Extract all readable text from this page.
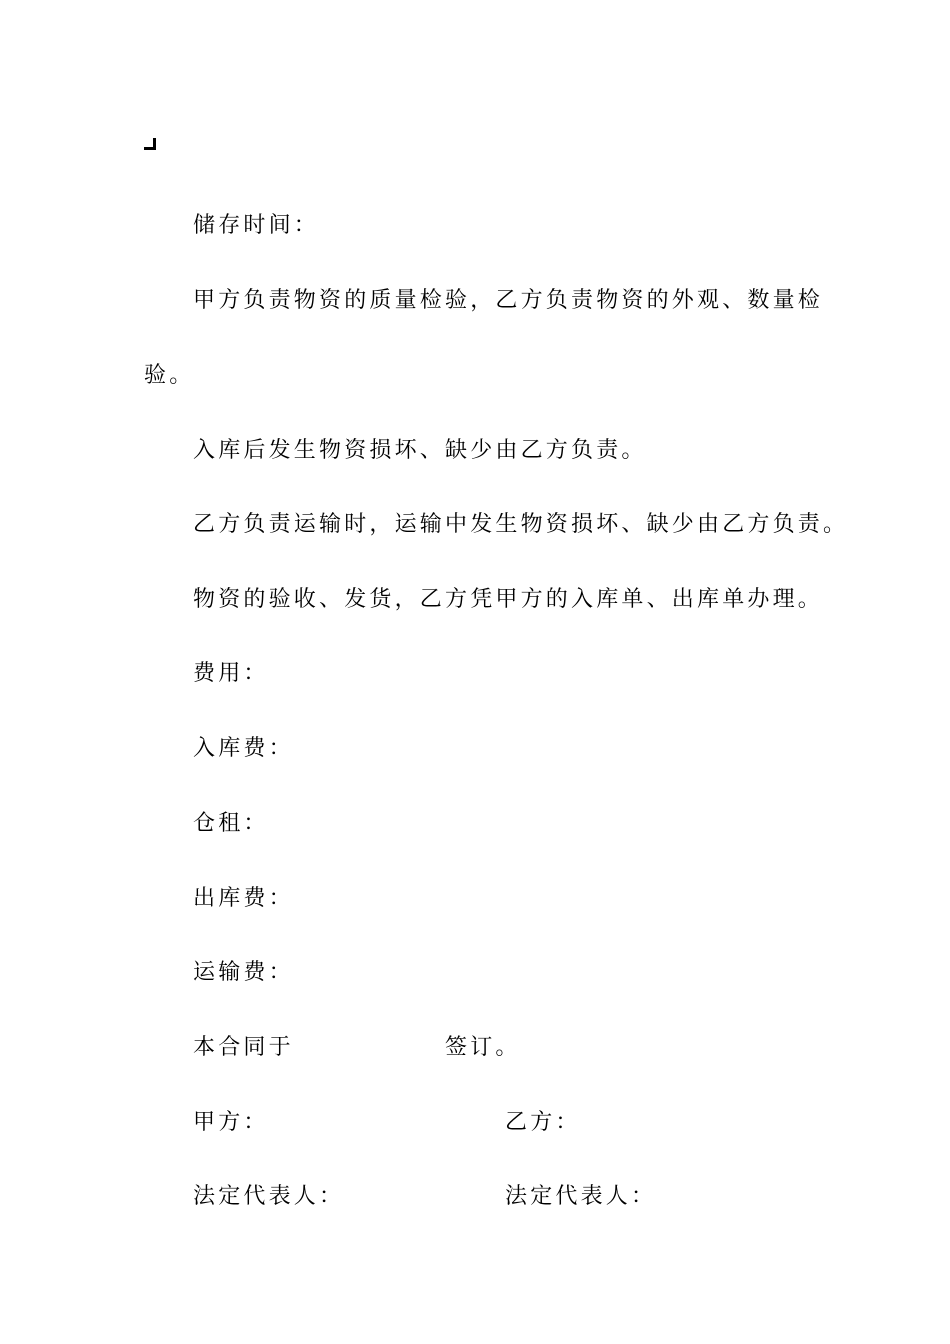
储存时间：
甲方负责物资的质量检验，乙方负责物资的外观、数量检
验。
入库后发生物资损坏、缺少由乙方负责。
乙方负责运输时，运输中发生物资损坏、缺少由乙方负责。
物资的验收、发货，乙方凭甲方的入库单、出库单办理。
费用：
入库费：
仓租：
出库费：
运输费：
本合同于	签订。
甲方：	乙方：
法定代表人：	法定代表人：
